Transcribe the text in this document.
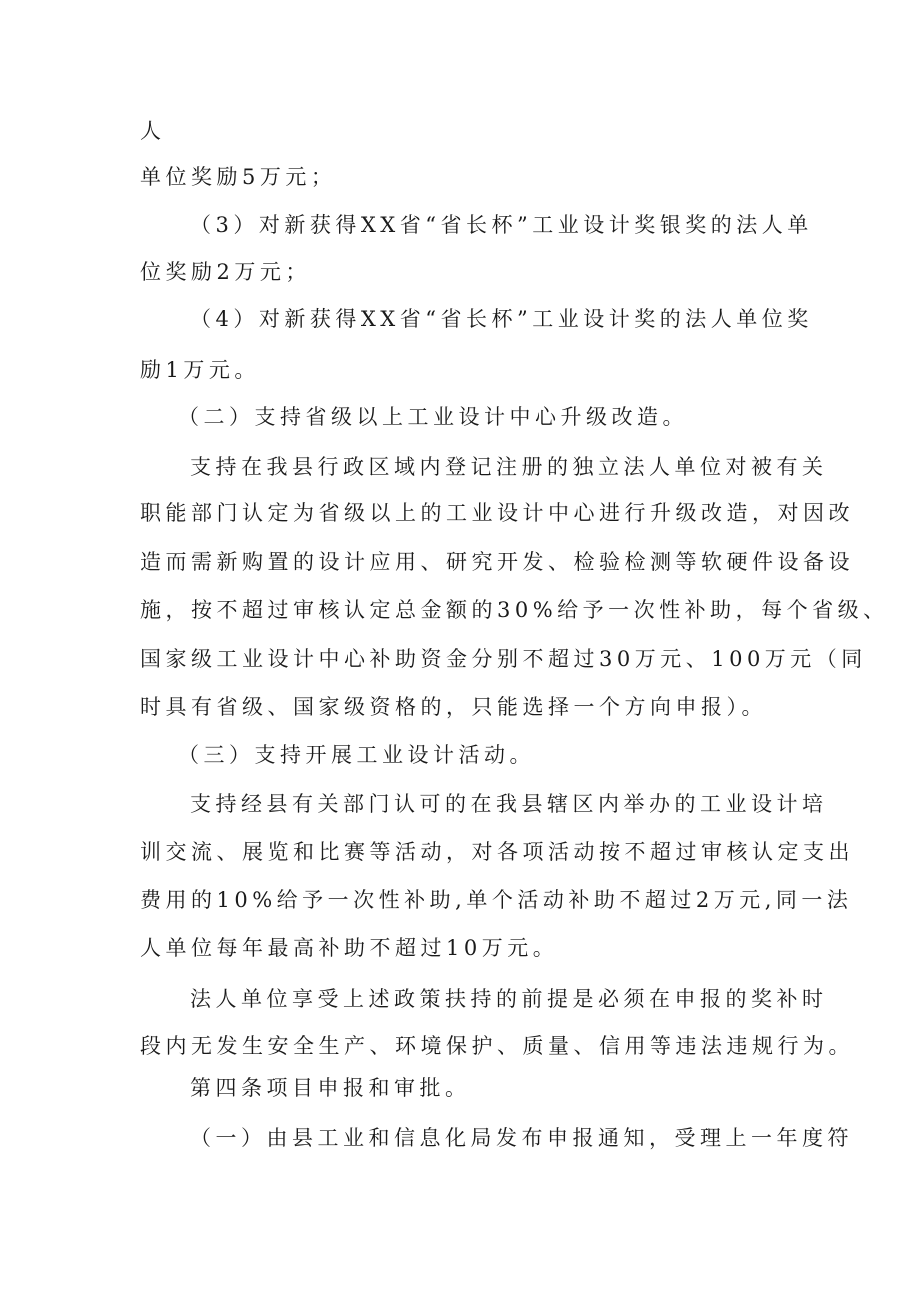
人
单位奖励5万元；
（3）对新获得XX省“省长杯”工业设计奖银奖的法人单
位奖励2万元；
（4）对新获得XX省“省长杯”工业设计奖的法人单位奖
励1万元。
（二）支持省级以上工业设计中心升级改造。
支持在我县行政区域内登记注册的独立法人单位对被有关
职能部门认定为省级以上的工业设计中心进行升级改造，对因改
造而需新购置的设计应用、研究开发、检验检测等软硬件设备设
施，按不超过审核认定总金额的30%给予一次性补助，每个省级、
国家级工业设计中心补助资金分别不超过30万元、100万元（同
时具有省级、国家级资格的，只能选择一个方向申报）。
（三）支持开展工业设计活动。
支持经县有关部门认可的在我县辖区内举办的工业设计培
训交流、展览和比赛等活动，对各项活动按不超过审核认定支出
费用的10%给予一次性补助,单个活动补助不超过2万元,同一法
人单位每年最高补助不超过10万元。
法人单位享受上述政策扶持的前提是必须在申报的奖补时
段内无发生安全生产、环境保护、质量、信用等违法违规行为。
第四条项目申报和审批。
（一）由县工业和信息化局发布申报通知，受理上一年度符
